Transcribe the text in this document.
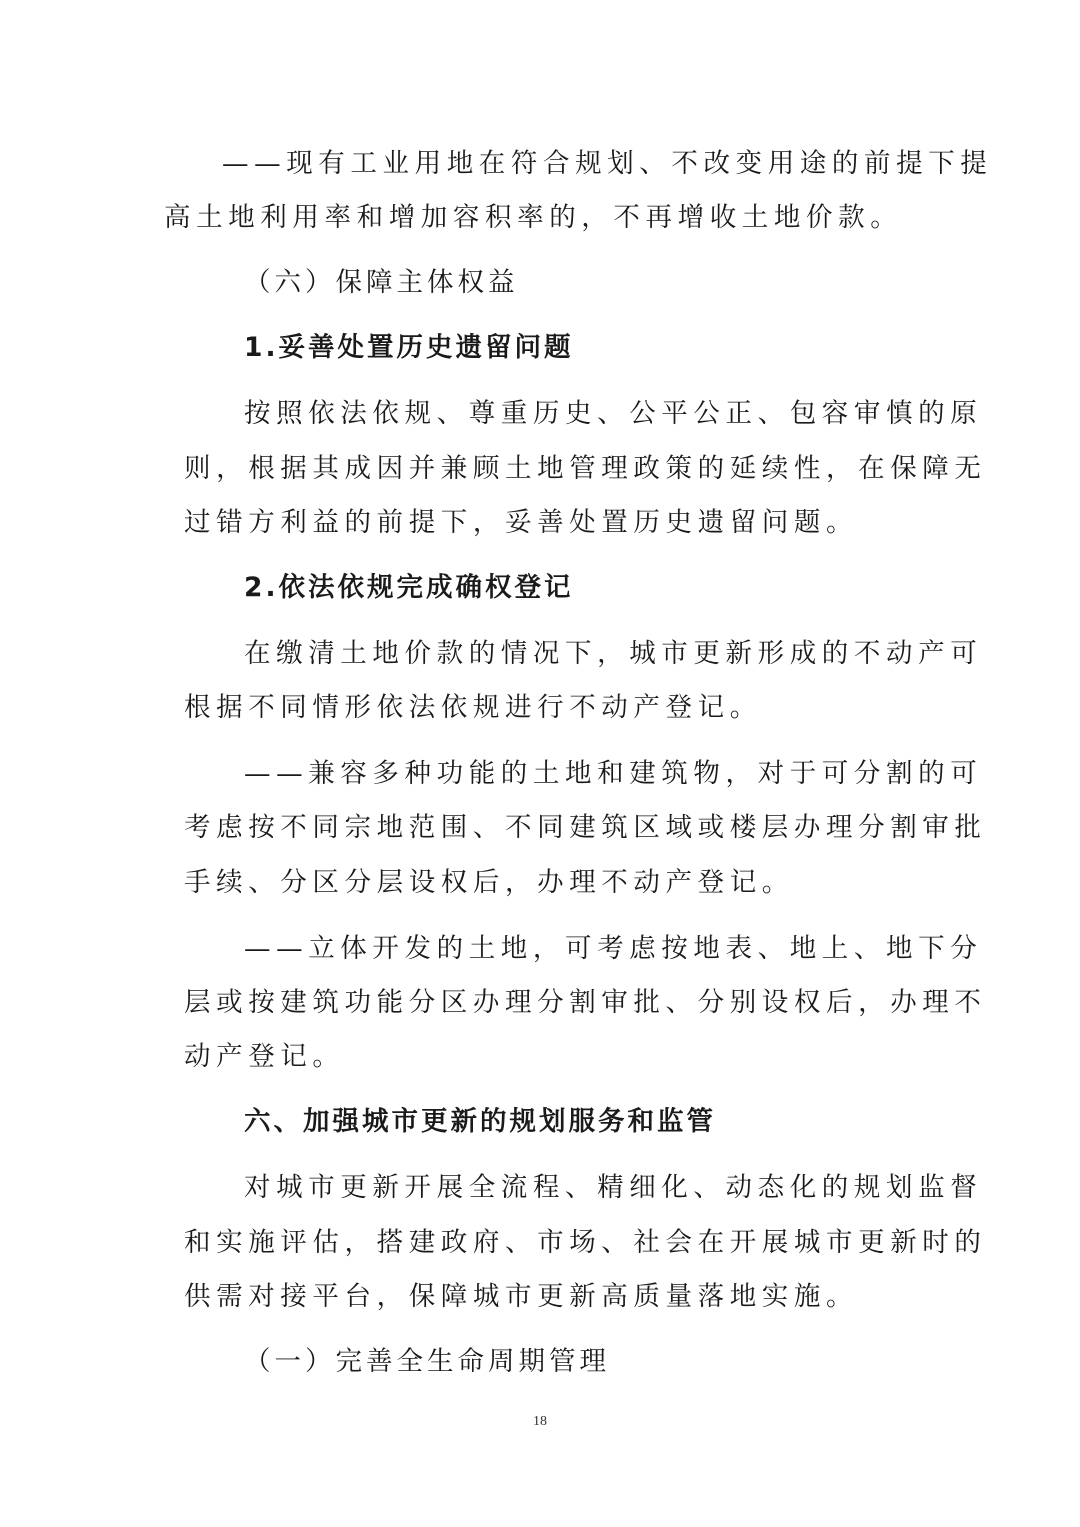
——现有工业用地在符合规划、不改变用途的前提下提

高土地利用率和增加容积率的，不再增收土地价款。

（六）保障主体权益

1.妥善处置历史遗留问题

按照依法依规、尊重历史、公平公正、包容审慎的原

则，根据其成因并兼顾土地管理政策的延续性，在保障无

过错方利益的前提下，妥善处置历史遗留问题。

2.依法依规完成确权登记

在缴清土地价款的情况下，城市更新形成的不动产可

根据不同情形依法依规进行不动产登记。

——兼容多种功能的土地和建筑物，对于可分割的可

考虑按不同宗地范围、不同建筑区域或楼层办理分割审批

手续、分区分层设权后，办理不动产登记。

——立体开发的土地，可考虑按地表、地上、地下分

层或按建筑功能分区办理分割审批、分别设权后，办理不

动产登记。

六、加强城市更新的规划服务和监管

对城市更新开展全流程、精细化、动态化的规划监督

和实施评估，搭建政府、市场、社会在开展城市更新时的

供需对接平台，保障城市更新高质量落地实施。

（一）完善全生命周期管理

18
